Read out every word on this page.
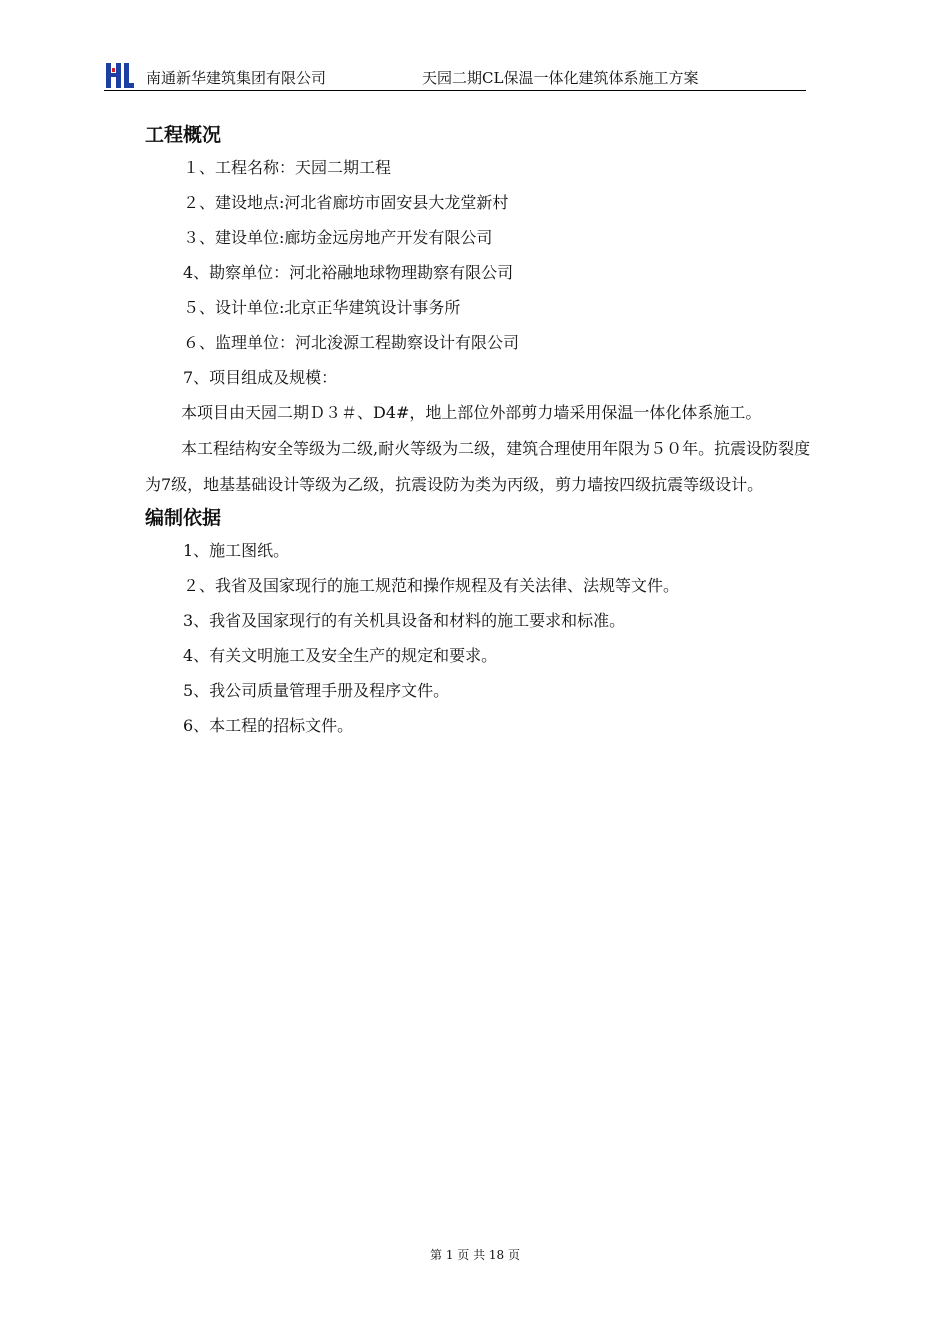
南通新华建筑集团有限公司	天园二期CL保温一体化建筑体系施工方案
工程概况
１、工程名称：天园二期工程
２、建设地点:河北省廊坊市固安县大龙堂新村
３、建设单位:廊坊金远房地产开发有限公司
4、勘察单位：河北裕融地球物理勘察有限公司
５、设计单位:北京正华建筑设计事务所
６、监理单位：河北浚源工程勘察设计有限公司
7、项目组成及规模：

本项目由天园二期Ｄ３＃、D4#，地上部位外部剪力墙采用保温一体化体系施工。

本工程结构安全等级为二级,耐火等级为二级，建筑合理使用年限为５０年。抗震设防裂度为7级，地基基础设计等级为乙级，抗震设防为类为丙级，剪力墙按四级抗震等级设计。

编制依据
1、施工图纸。
２、我省及国家现行的施工规范和操作规程及有关法律、法规等文件。
3、我省及国家现行的有关机具设备和材料的施工要求和标准。
4、有关文明施工及安全生产的规定和要求。
5、我公司质量管理手册及程序文件。
6、本工程的招标文件。
第 1 页 共 18 页
